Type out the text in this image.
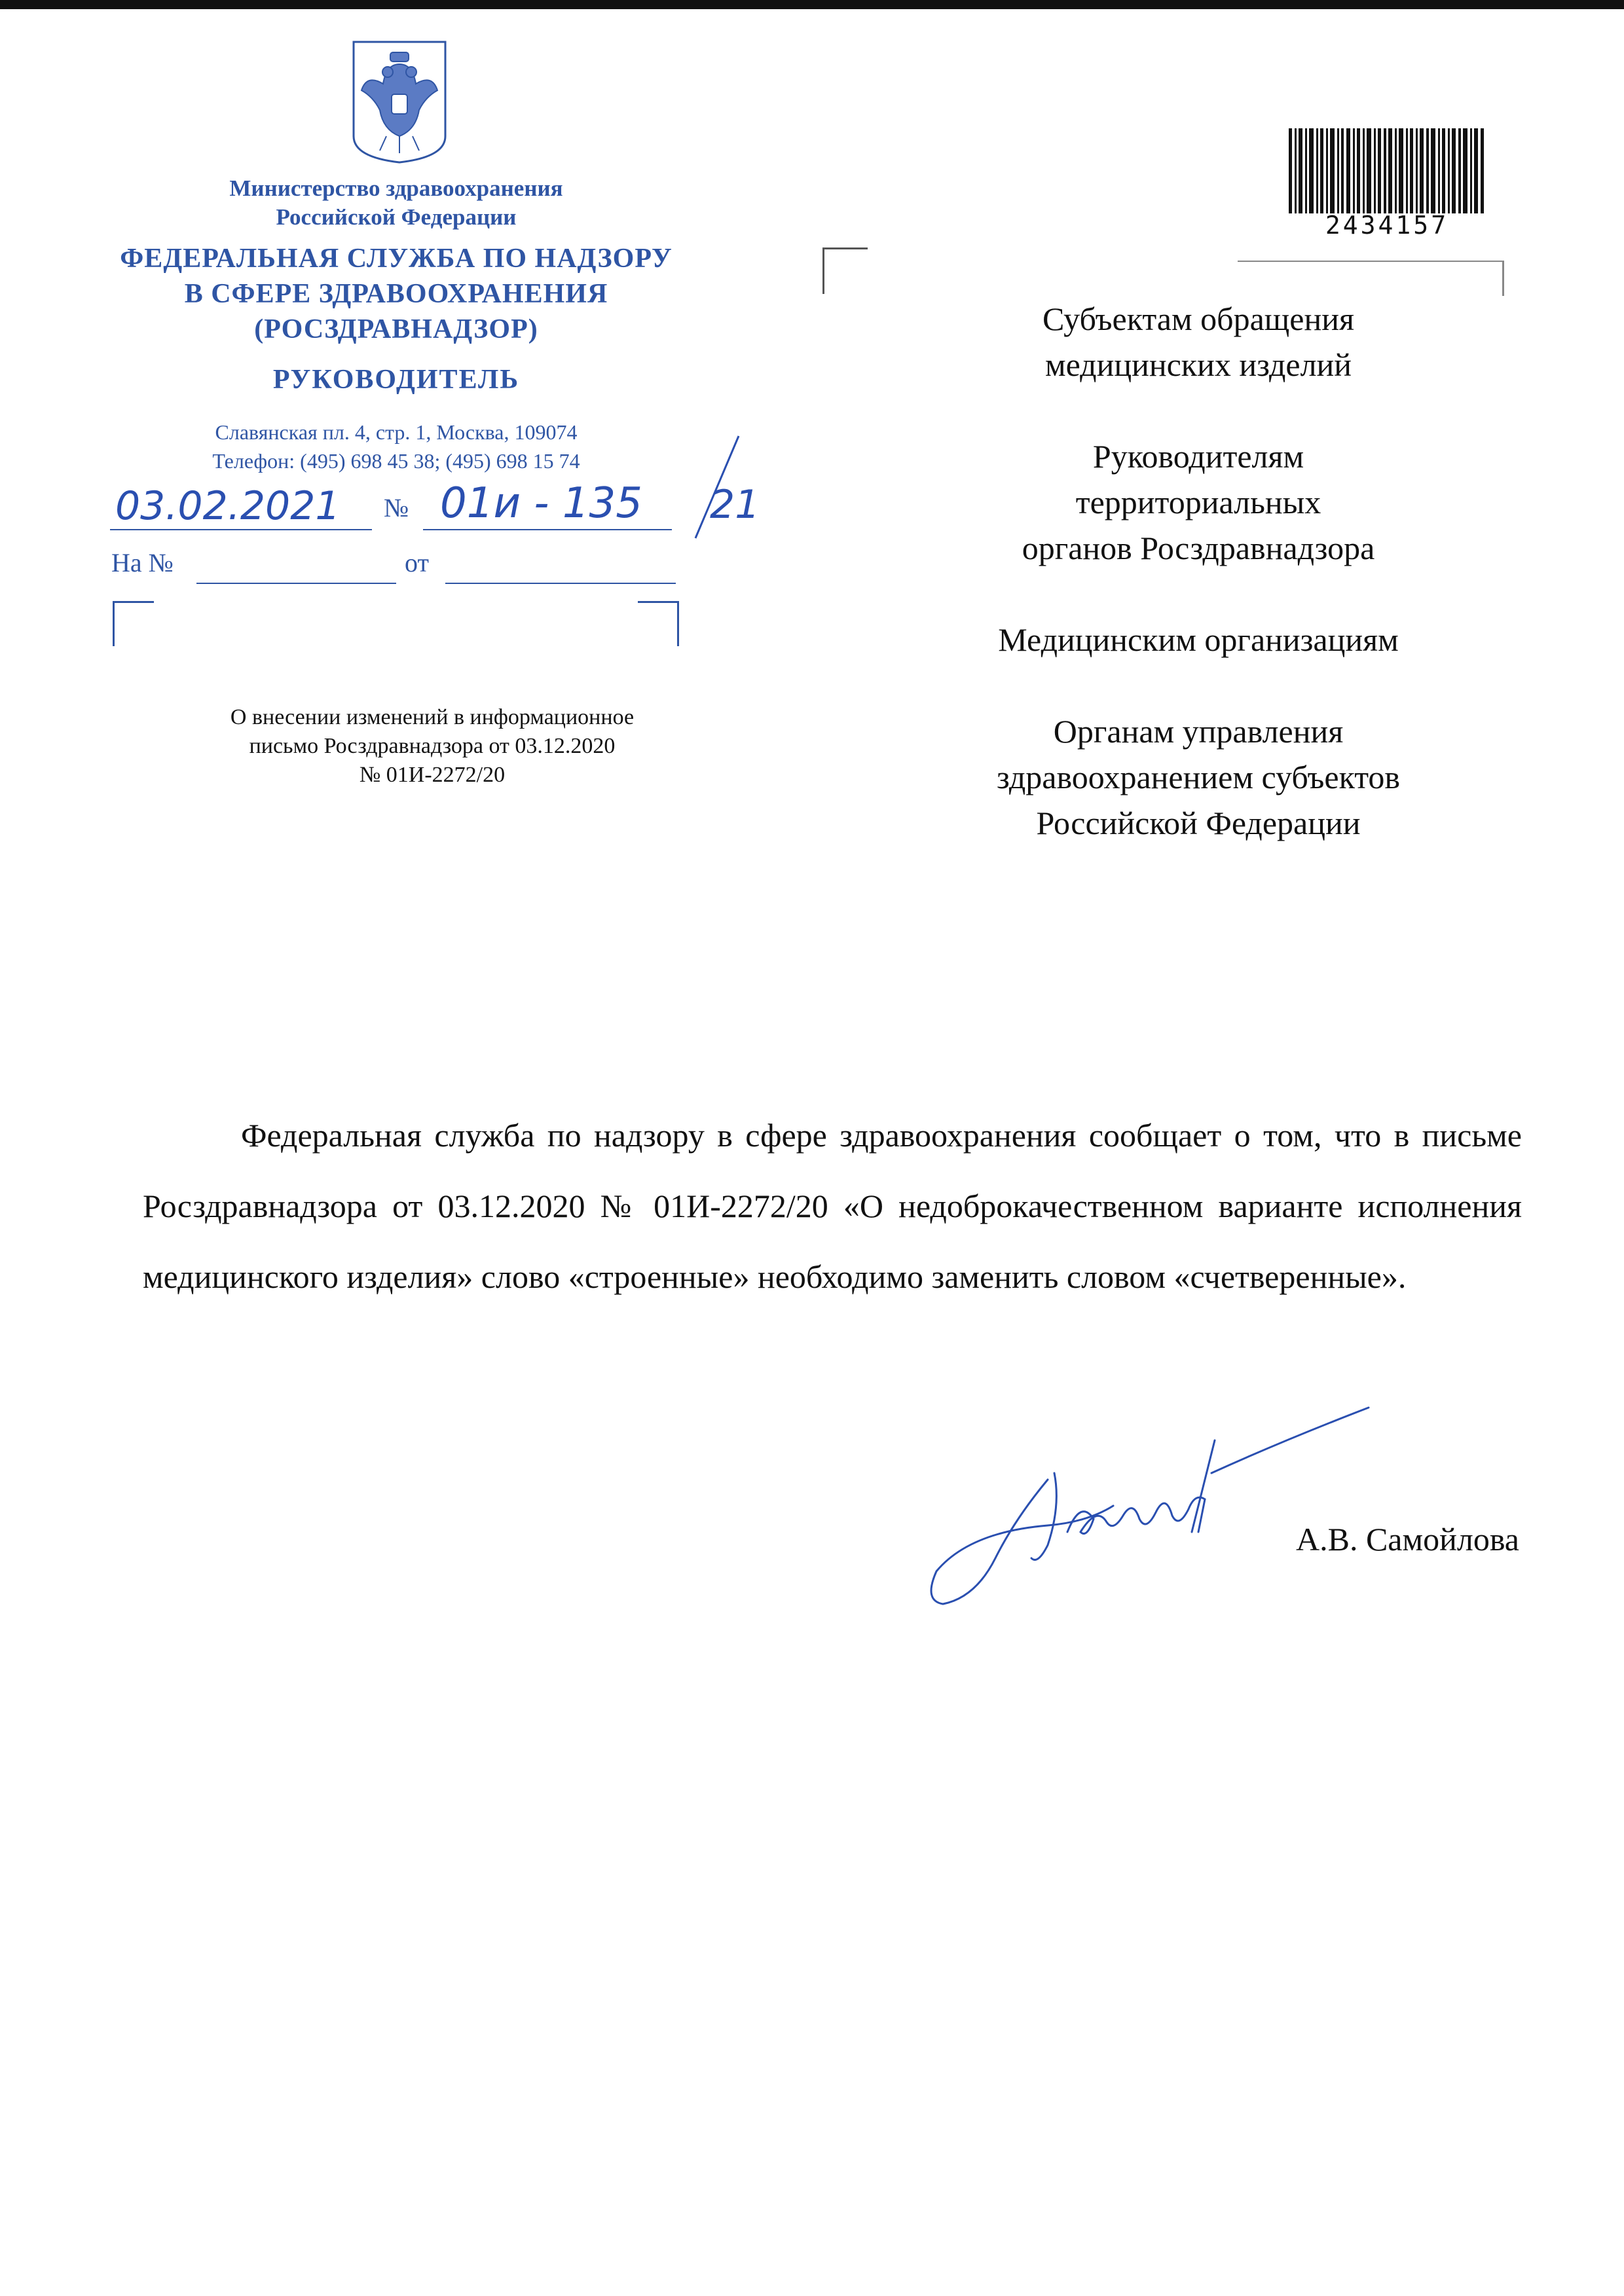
Министерство здравоохранения
Российской Федерации
ФЕДЕРАЛЬНАЯ СЛУЖБА ПО НАДЗОРУ
В СФЕРЕ ЗДРАВООХРАНЕНИЯ
(РОСЗДРАВНАДЗОР)
РУКОВОДИТЕЛЬ
Славянская пл. 4, стр. 1, Москва, 109074
Телефон: (495) 698 45 38; (495) 698 15 74
03.02.2021 № 01и - 135 21
На №	от
2434157

Субъектам обращения
медицинских изделий

Руководителям
территориальных
органов Росздравнадзора

Медицинским организациям

Органам управления
здравоохранением субъектов
Российской Федерации

О внесении изменений в информационное
письмо Росздравнадзора от 03.12.2020
№ 01И-2272/20

Федеральная служба по надзору в сфере здравоохранения сообщает о том, что в письме Росздравнадзора от 03.12.2020 № 01И-2272/20 «О недоброкачественном варианте исполнения медицинского изделия» слово «строенные» необходимо заменить словом «счетверенные».

А.В. Самойлова
